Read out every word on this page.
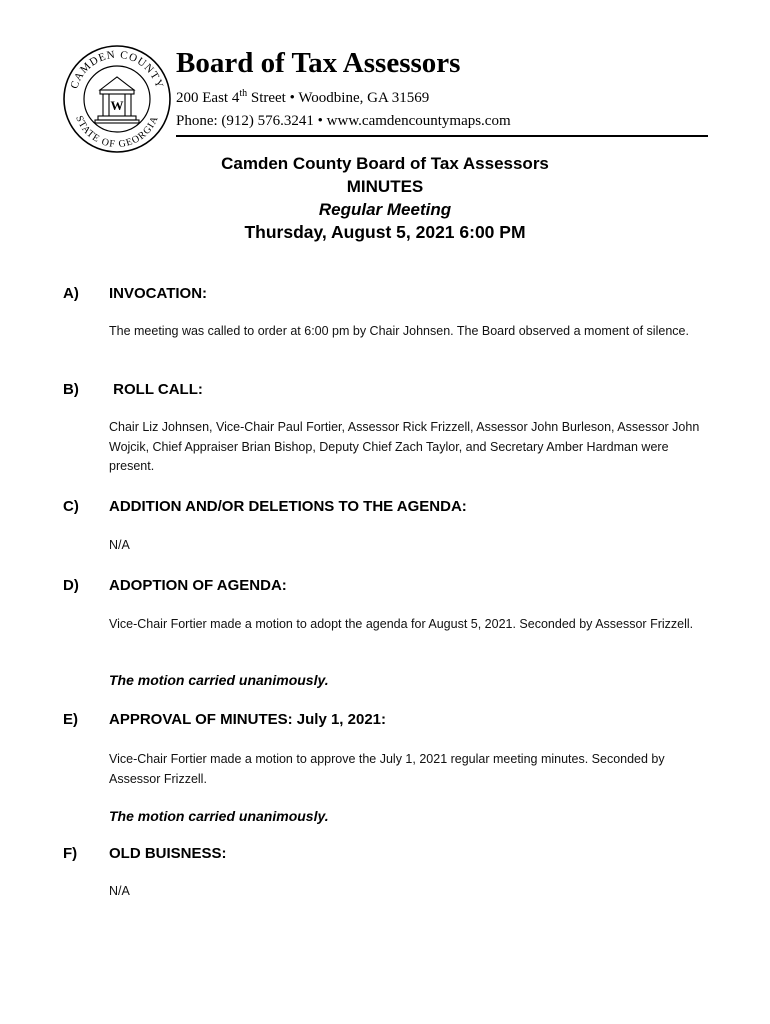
CAMDEN COUNTY
STATE OF GEORGIA
W
Board of Tax Assessors

200 East 4th Street • Woodbine, GA 31569

Phone: (912) 576.3241 • www.camdencountymaps.com

Camden County Board of Tax Assessors
MINUTES
Regular Meeting
Thursday, August 5, 2021 6:00 PM

A) INVOCATION:

The meeting was called to order at 6:00 pm by Chair Johnsen. The Board observed a moment of silence.

B) ROLL CALL:

Chair Liz Johnsen, Vice-Chair Paul Fortier, Assessor Rick Frizzell, Assessor John Burleson, Assessor John Wojcik, Chief Appraiser Brian Bishop, Deputy Chief Zach Taylor, and Secretary Amber Hardman were present.

C) ADDITION AND/OR DELETIONS TO THE AGENDA:

N/A

D) ADOPTION OF AGENDA:

Vice-Chair Fortier made a motion to adopt the agenda for August 5, 2021. Seconded by Assessor Frizzell.

The motion carried unanimously.

E) APPROVAL OF MINUTES: July 1, 2021:

Vice-Chair Fortier made a motion to approve the July 1, 2021 regular meeting minutes. Seconded by Assessor Frizzell.

The motion carried unanimously.

F) OLD BUISNESS:

N/A
